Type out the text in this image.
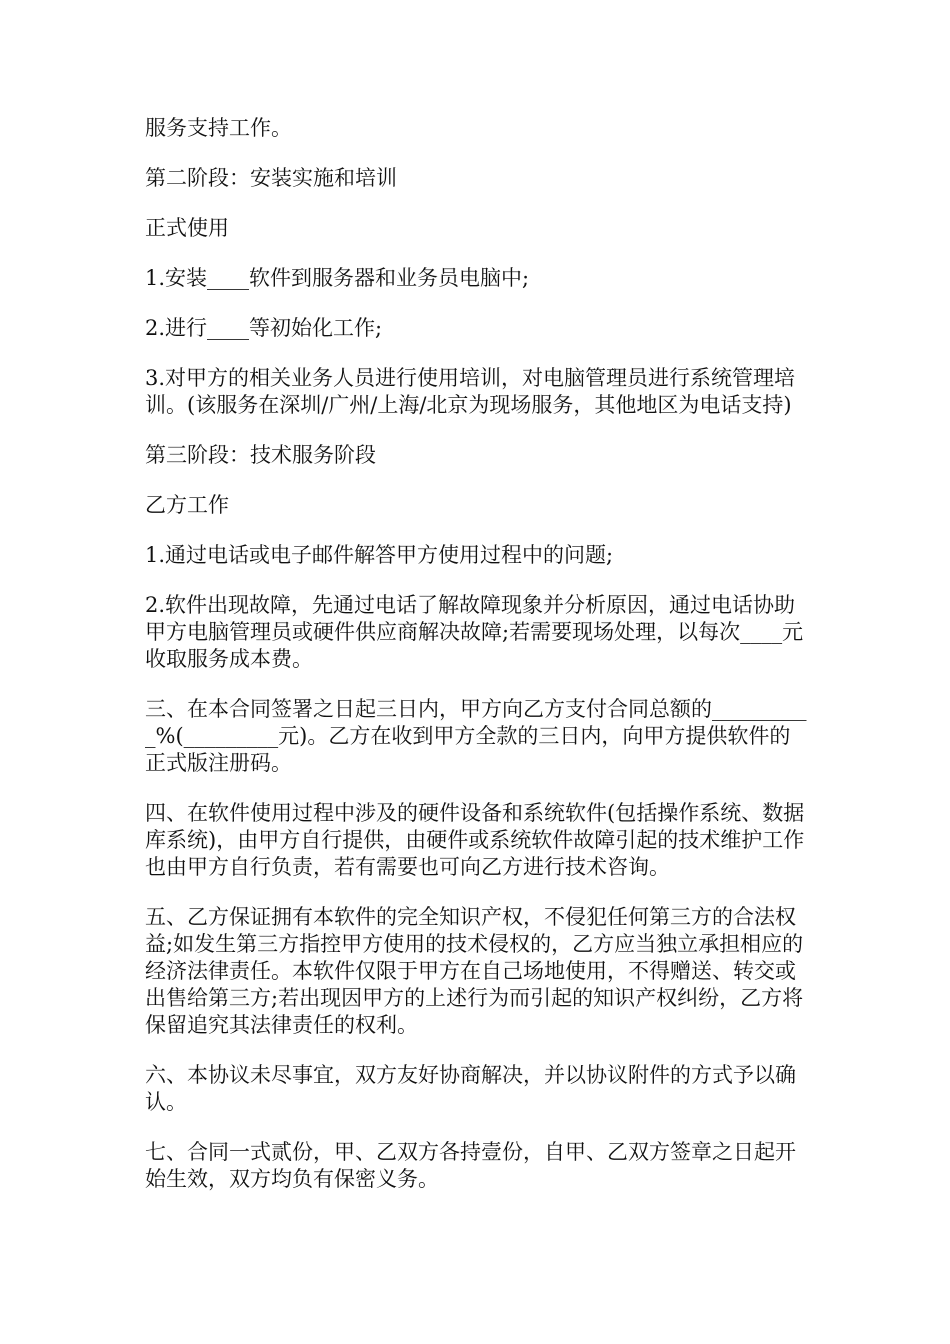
服务支持工作。

第二阶段：安装实施和培训

正式使用

1.安装____软件到服务器和业务员电脑中;

2.进行____等初始化工作;

3.对甲方的相关业务人员进行使用培训，对电脑管理员进行系统管理培训。(该服务在深圳/广州/上海/北京为现场服务，其他地区为电话支持)

第三阶段：技术服务阶段

乙方工作

1.通过电话或电子邮件解答甲方使用过程中的问题;

2.软件出现故障，先通过电话了解故障现象并分析原因，通过电话协助甲方电脑管理员或硬件供应商解决故障;若需要现场处理，以每次____元收取服务成本费。

三、在本合同签署之日起三日内，甲方向乙方支付合同总额的__________%(_________元)。乙方在收到甲方全款的三日内，向甲方提供软件的正式版注册码。

四、在软件使用过程中涉及的硬件设备和系统软件(包括操作系统、数据库系统)，由甲方自行提供，由硬件或系统软件故障引起的技术维护工作也由甲方自行负责，若有需要也可向乙方进行技术咨询。

五、乙方保证拥有本软件的完全知识产权，不侵犯任何第三方的合法权益;如发生第三方指控甲方使用的技术侵权的，乙方应当独立承担相应的经济法律责任。本软件仅限于甲方在自己场地使用，不得赠送、转交或出售给第三方;若出现因甲方的上述行为而引起的知识产权纠纷，乙方将保留追究其法律责任的权利。

六、本协议未尽事宜，双方友好协商解决，并以协议附件的方式予以确认。

七、合同一式贰份，甲、乙双方各持壹份，自甲、乙双方签章之日起开始生效，双方均负有保密义务。
